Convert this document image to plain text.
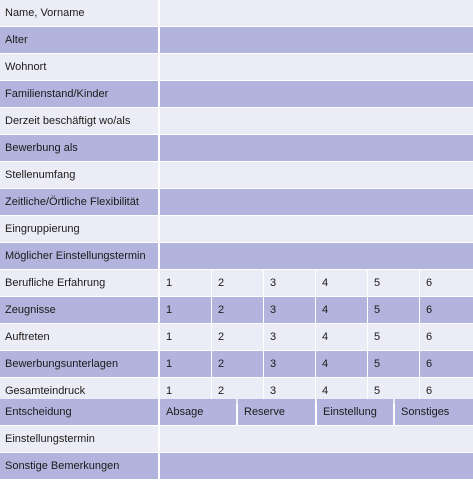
Name, Vorname
Alter
Wohnort
Familienstand/Kinder
Derzeit beschäftigt wo/als
Bewerbung als
Stellenumfang
Zeitliche/Örtliche Flexibilität
Eingruppierung
Möglicher Einstellungstermin
Berufliche Erfahrung	1	2	3	4	5	6
Zeugnisse	1	2	3	4	5	6
Auftreten	1	2	3	4	5	6
Bewerbungsunterlagen	1	2	3	4	5	6
Gesamteindruck	1	2	3	4	5	6
Entscheidung	Absage	Reserve	Einstellung	Sonstiges
Einstellungstermin
Sonstige Bemerkungen
